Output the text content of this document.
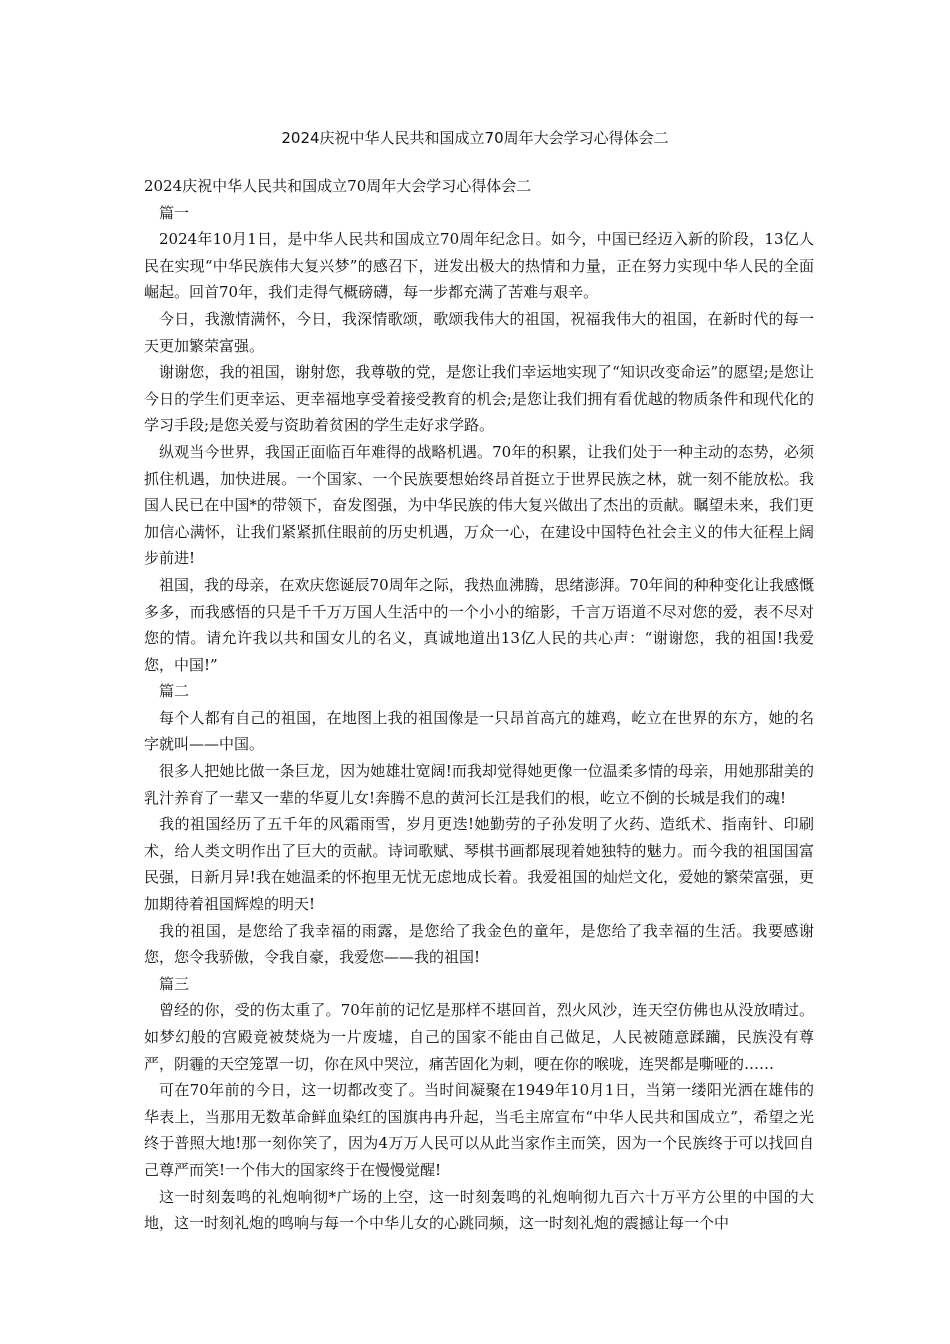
2024庆祝中华人民共和国成立70周年大会学习心得体会二

2024庆祝中华人民共和国成立70周年大会学习心得体会二

篇一

2024年10月1日，是中华人民共和国成立70周年纪念日。如今，中国已经迈入新的阶段，13亿人民在实现“中华民族伟大复兴梦”的感召下，迸发出极大的热情和力量，正在努力实现中华人民的全面崛起。回首70年，我们走得气概磅礴，每一步都充满了苦难与艰辛。

今日，我激情满怀，今日，我深情歌颂，歌颂我伟大的祖国，祝福我伟大的祖国，在新时代的每一天更加繁荣富强。

谢谢您，我的祖国，谢射您，我尊敬的党，是您让我们幸运地实现了“知识改变命运”的愿望;是您让今日的学生们更幸运、更幸福地享受着接受教育的机会;是您让我们拥有看优越的物质条件和现代化的学习手段;是您关爱与资助着贫困的学生走好求学路。

纵观当今世界，我国正面临百年难得的战略机遇。70年的积累，让我们处于一种主动的态势，必须抓住机遇，加快进展。一个国家、一个民族要想始终昂首挺立于世界民族之林，就一刻不能放松。我国人民已在中国*的带领下，奋发图强，为中华民族的伟大复兴做出了杰出的贡献。瞩望未来，我们更加信心满怀，让我们紧紧抓住眼前的历史机遇，万众一心，在建设中国特色社会主义的伟大征程上阔步前进!

祖国，我的母亲，在欢庆您诞辰70周年之际，我热血沸腾，思绪澎湃。70年间的种种变化让我感慨多多，而我感悟的只是千千万万国人生活中的一个小小的缩影，千言万语道不尽对您的爱，表不尽对您的情。请允许我以共和国女儿的名义，真诚地道出13亿人民的共心声：“谢谢您，我的祖国!我爱您，中国!”

篇二

每个人都有自己的祖国，在地图上我的祖国像是一只昂首高亢的雄鸡，屹立在世界的东方，她的名字就叫——中国。

很多人把她比做一条巨龙，因为她雄壮宽阔!而我却觉得她更像一位温柔多情的母亲，用她那甜美的乳汁养育了一辈又一辈的华夏儿女!奔腾不息的黄河长江是我们的根，屹立不倒的长城是我们的魂!

我的祖国经历了五千年的风霜雨雪，岁月更迭!她勤劳的子孙发明了火药、造纸术、指南针、印刷术，给人类文明作出了巨大的贡献。诗词歌赋、琴棋书画都展现着她独特的魅力。而今我的祖国国富民强，日新月异!我在她温柔的怀抱里无忧无虑地成长着。我爱祖国的灿烂文化，爱她的繁荣富强，更加期待着祖国辉煌的明天!

我的祖国，是您给了我幸福的雨露，是您给了我金色的童年，是您给了我幸福的生活。我要感谢您，您令我骄傲，令我自豪，我爱您——我的祖国!

篇三

曾经的你，受的伤太重了。70年前的记忆是那样不堪回首，烈火风沙，连天空仿佛也从没放晴过。如梦幻般的宫殿竟被焚烧为一片废墟，自己的国家不能由自己做足，人民被随意蹂躏，民族没有尊严，阴霾的天空笼罩一切，你在风中哭泣，痛苦固化为刺，哽在你的喉咙，连哭都是嘶哑的……

可在70年前的今日，这一切都改变了。当时间凝聚在1949年10月1日，当第一缕阳光洒在雄伟的华表上，当那用无数革命鲜血染红的国旗冉冉升起，当毛主席宣布“中华人民共和国成立”，希望之光终于普照大地!那一刻你笑了，因为4万万人民可以从此当家作主而笑，因为一个民族终于可以找回自己尊严而笑!一个伟大的国家终于在慢慢觉醒!

这一时刻轰鸣的礼炮响彻*广场的上空，这一时刻轰鸣的礼炮响彻九百六十万平方公里的中国的大地，这一时刻礼炮的鸣响与每一个中华儿女的心跳同频，这一时刻礼炮的震撼让每一个中
